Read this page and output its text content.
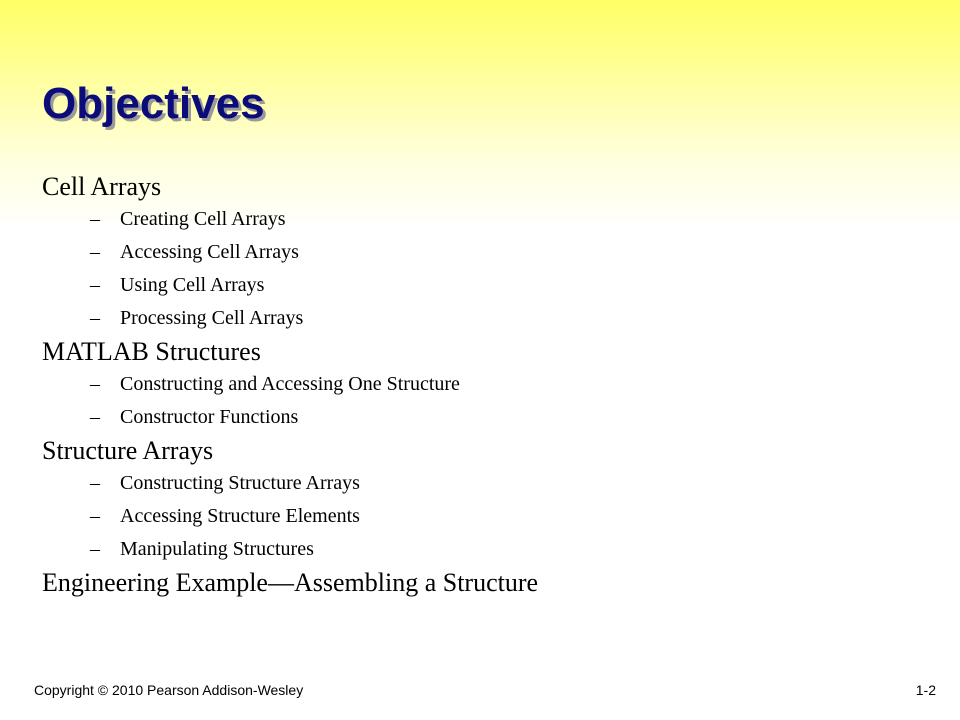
Objectives
Cell Arrays
– Creating Cell Arrays
– Accessing Cell Arrays
– Using Cell Arrays
– Processing Cell Arrays
MATLAB Structures
– Constructing and Accessing One Structure
– Constructor Functions
Structure Arrays
– Constructing Structure Arrays
– Accessing Structure Elements
– Manipulating Structures
Engineering Example—Assembling a Structure
Copyright © 2010 Pearson Addison-Wesley	1-2
